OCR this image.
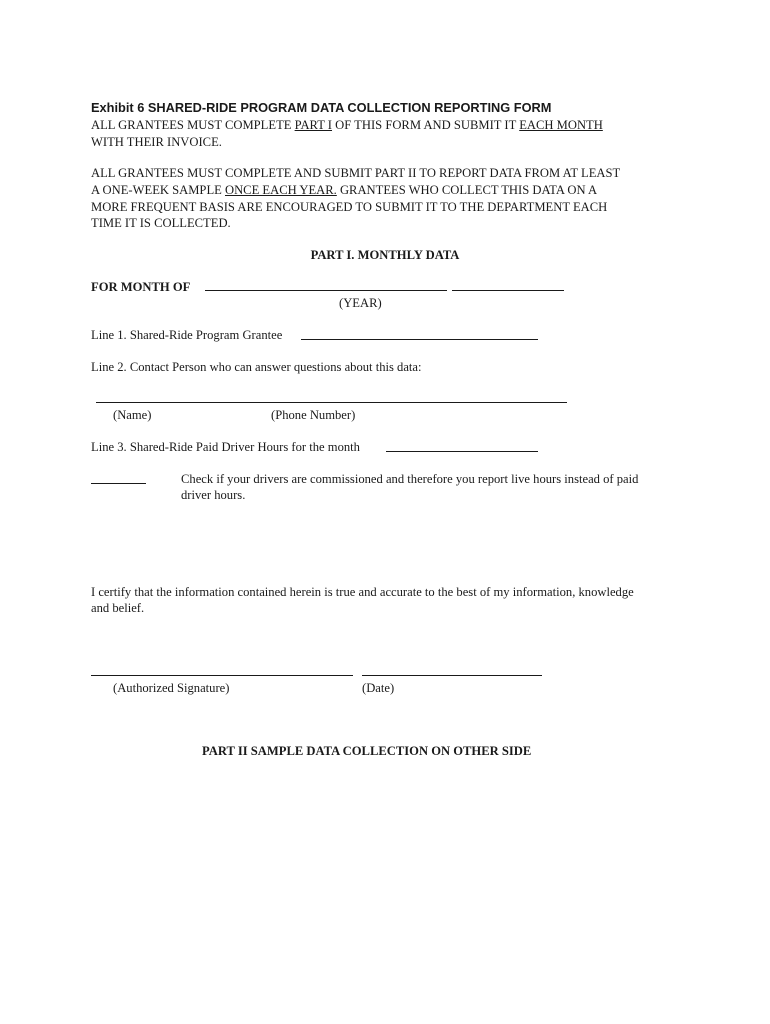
Exhibit 6 SHARED-RIDE PROGRAM DATA COLLECTION REPORTING FORM
ALL GRANTEES MUST COMPLETE PART I OF THIS FORM AND SUBMIT IT EACH MONTH
WITH THEIR INVOICE.
ALL GRANTEES MUST COMPLETE AND SUBMIT PART II TO REPORT DATA FROM AT LEAST
A ONE-WEEK SAMPLE ONCE EACH YEAR. GRANTEES WHO COLLECT THIS DATA ON A
MORE FREQUENT BASIS ARE ENCOURAGED TO SUBMIT IT TO THE DEPARTMENT EACH
TIME IT IS COLLECTED.
PART I. MONTHLY DATA
FOR MONTH OF
(YEAR)
Line 1. Shared-Ride Program Grantee
Line 2. Contact Person who can answer questions about this data:
(Name)	(Phone Number)
Line 3. Shared-Ride Paid Driver Hours for the month
Check if your drivers are commissioned and therefore you report live hours instead of paid
driver hours.
I certify that the information contained herein is true and accurate to the best of my information, knowledge
and belief.
(Authorized Signature)	(Date)
PART II SAMPLE DATA COLLECTION ON OTHER SIDE
